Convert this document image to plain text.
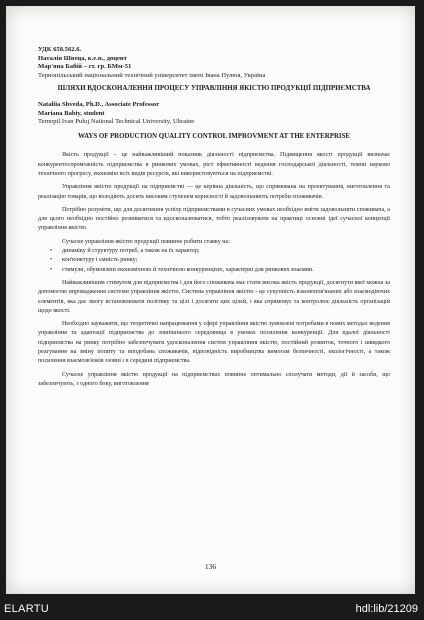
УДК 658.562.6.
Наталія Швеца, к.е.н., доцент
Мар'яна Бабій – ст. гр. БМм-51
Тернопільський національний технічний університет імені Івана Пулюя, Україна
ШЛЯХИ ВДОСКОНАЛЕННЯ ПРОЦЕСУ УПРАВЛІННЯ ЯКІСТЮ ПРОДУКЦІЇ ПІДПРИЄМСТВА
Nataliia Shveda, Ph.D., Associate Professor
Mariana Babiy, student
Ternopil Ivan Puluj National Technical University, Ukraine
WAYS OF PRODUCTION QUALITY CONTROL IMPROVMENT AT THE ENTERPRISE

Якість продукції – це найважливіший показник діяльності підприємства. Підвищення якості продукції визначає конкурентоспроможність підприємства в ринкових умовах, ріст ефективності ведення господарської діяльності, темпи науково технічного прогресу, економію всіх видів ресурсів, які використовуються на підприємстві.

Управління якістю продукції на підприємстві — це керівна діяльність, що спрямована на проектування, виготовлення та реалізацію товарів, що володіють досить високим ступенем корисності й задовольняють потреби споживачів.

Потрібно розуміти, що для досягнення успіху підприємствами в сучасних умовах необхідно вміти задовольняти споживача, а для цього необхідно постійно розвиватися та вдосконалюватися, тобто реалізовувати на практиці основні ідеї сучасної концепції управління якістю.

Сучасне управління якістю продукції повинне робити ставку на:

• динаміку й структуру потреб, а також на їх характер;
• кон'юнктуру і ємність ринку;
• стимули, обумовлені економічною й технічною конкуренцією, характерні для ринкових взаємин.

Найважливішим стимулом для підприємства і для його споживача має стати висока якість продукції, досягнути якої можна за допомогою впровадження системи управління якістю. Система управління якістю - це сукупність взаємопов'язаних або взаємодіючих елементів, яка дає змогу встановлювати політику та цілі і досягати цих цілей, і яка спрямовує та контролює діяльність організацій щодо якості.

Необхідно зауважити, що теоретичні напрацювання у сфері управління якістю зумовлені потребами в нових методах ведення управління та адаптації підприємства до зовнішнього середовища в умовах посилення конкуренції. Для вдалої діяльності підприємства на ринку потрібно забезпечувати удосконалення систем управління якістю, постійний розвиток, точного і швидкого реагування на зміну попиту та вподобань споживачів, відповідність виробництва вимогам безпечності, екологічності, а також посилення взаємозв'язків ззовні і в середині підприємства.

Сучасне управління якістю продукції на підприємствах повинне оптимально сполучати методи, дії й засоби, що забезпечують, з одного боку, виготовлення

136
ELARTU	hdl:lib/21209
